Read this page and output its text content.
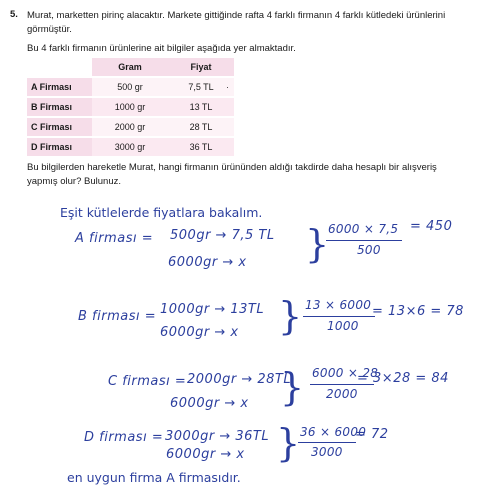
5. Murat, marketten pirinç alacaktır. Markete gittiğinde rafta 4 farklı firmanın 4 farklı kütledeki ürünlerini görmüştür.
Bu 4 farklı firmanın ürünlerine ait bilgiler aşağıda yer almaktadır.
	Gram	Fiyat
A Firması	500 gr	7,5 TL
B Firması	1000 gr	13 TL
C Firması	2000 gr	28 TL
D Firması	3000 gr	36 TL
·
Bu bilgilerden hareketle Murat, hangi firmanın ürününden aldığı takdirde daha hesaplı bir alışveriş yapmış olur? Bulunuz.
Eşit kütlelerde fiyatlara bakalım.
A firması = 500gr → 7,5 TL
6000gr → x }
6000 × 7,5
500
= 450
B firması = 1000gr → 13TL
6000gr → x } 13 × 6000
1000
= 13×6 = 78
C firması = 2000gr → 28TL
6000gr → x } 6000 × 28
2000
= 3×28 = 84
D firması = 3000gr → 36TL
6000gr → x } 36 × 6000
3000
= 72
en uygun firma A firmasıdır.
